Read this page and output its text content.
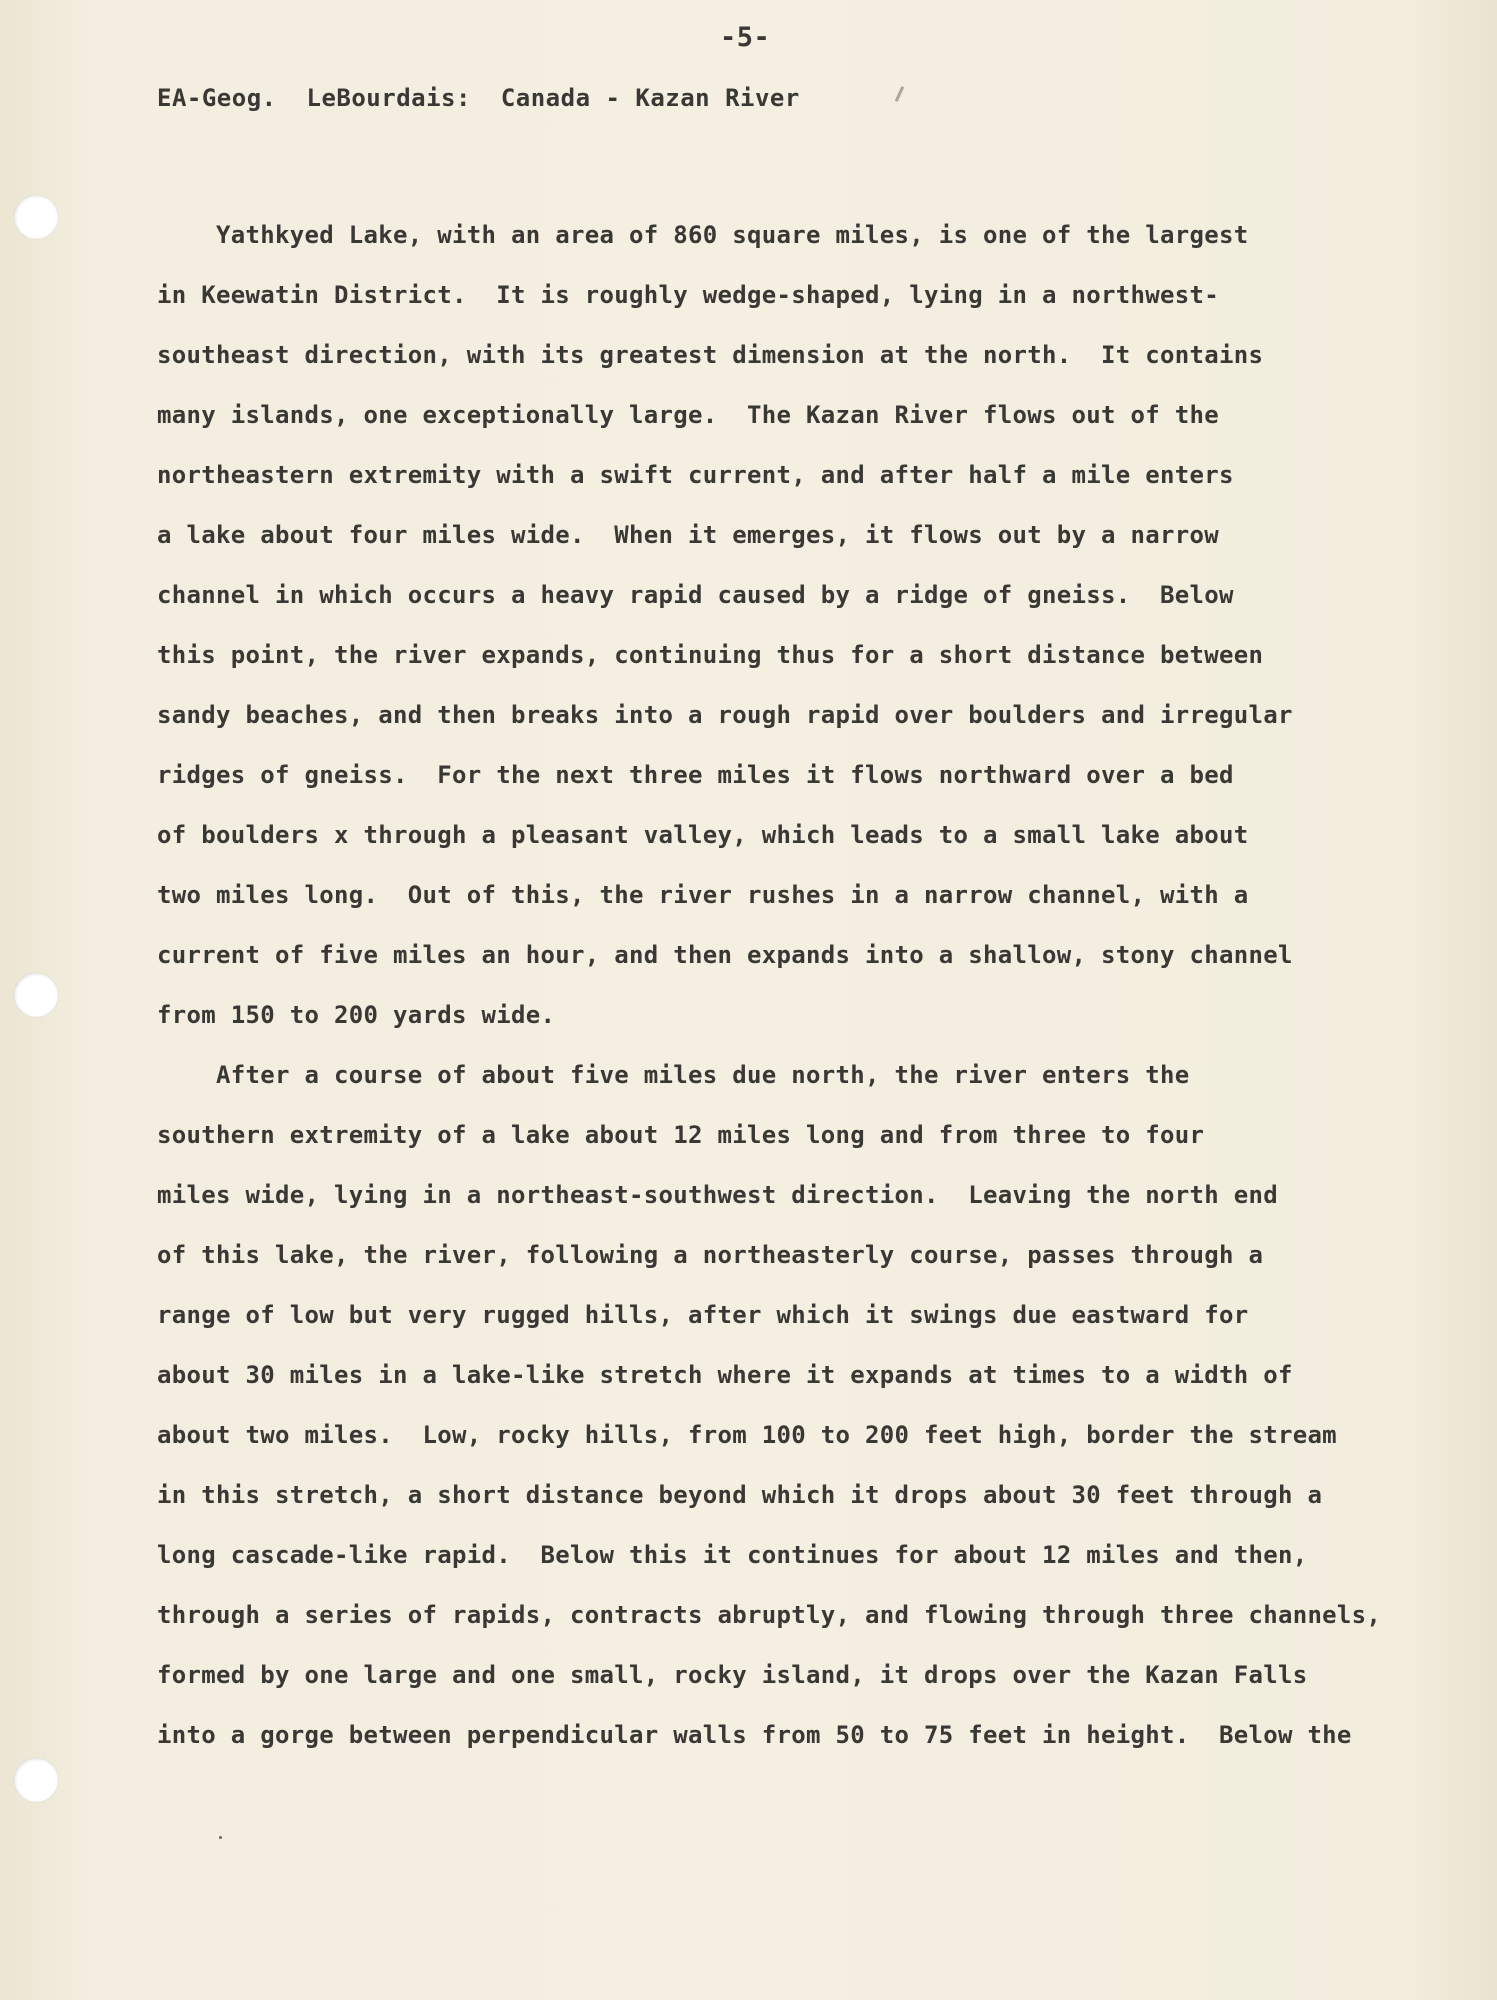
-5-
EA-Geog.  LeBourdais:  Canada - Kazan River
Yathkyed Lake, with an area of 860 square miles, is one of the largest
in Keewatin District.  It is roughly wedge-shaped, lying in a northwest-
southeast direction, with its greatest dimension at the north.  It contains
many islands, one exceptionally large.  The Kazan River flows out of the
northeastern extremity with a swift current, and after half a mile enters
a lake about four miles wide.  When it emerges, it flows out by a narrow
channel in which occurs a heavy rapid caused by a ridge of gneiss.  Below
this point, the river expands, continuing thus for a short distance between
sandy beaches, and then breaks into a rough rapid over boulders and irregular
ridges of gneiss.  For the next three miles it flows northward over a bed
of boulders x through a pleasant valley, which leads to a small lake about
two miles long.  Out of this, the river rushes in a narrow channel, with a
current of five miles an hour, and then expands into a shallow, stony channel
from 150 to 200 yards wide.
After a course of about five miles due north, the river enters the
southern extremity of a lake about 12 miles long and from three to four
miles wide, lying in a northeast-southwest direction.  Leaving the north end
of this lake, the river, following a northeasterly course, passes through a
range of low but very rugged hills, after which it swings due eastward for
about 30 miles in a lake-like stretch where it expands at times to a width of
about two miles.  Low, rocky hills, from 100 to 200 feet high, border the stream
in this stretch, a short distance beyond which it drops about 30 feet through a
long cascade-like rapid.  Below this it continues for about 12 miles and then,
through a series of rapids, contracts abruptly, and flowing through three channels,
formed by one large and one small, rocky island, it drops over the Kazan Falls
into a gorge between perpendicular walls from 50 to 75 feet in height.  Below the
